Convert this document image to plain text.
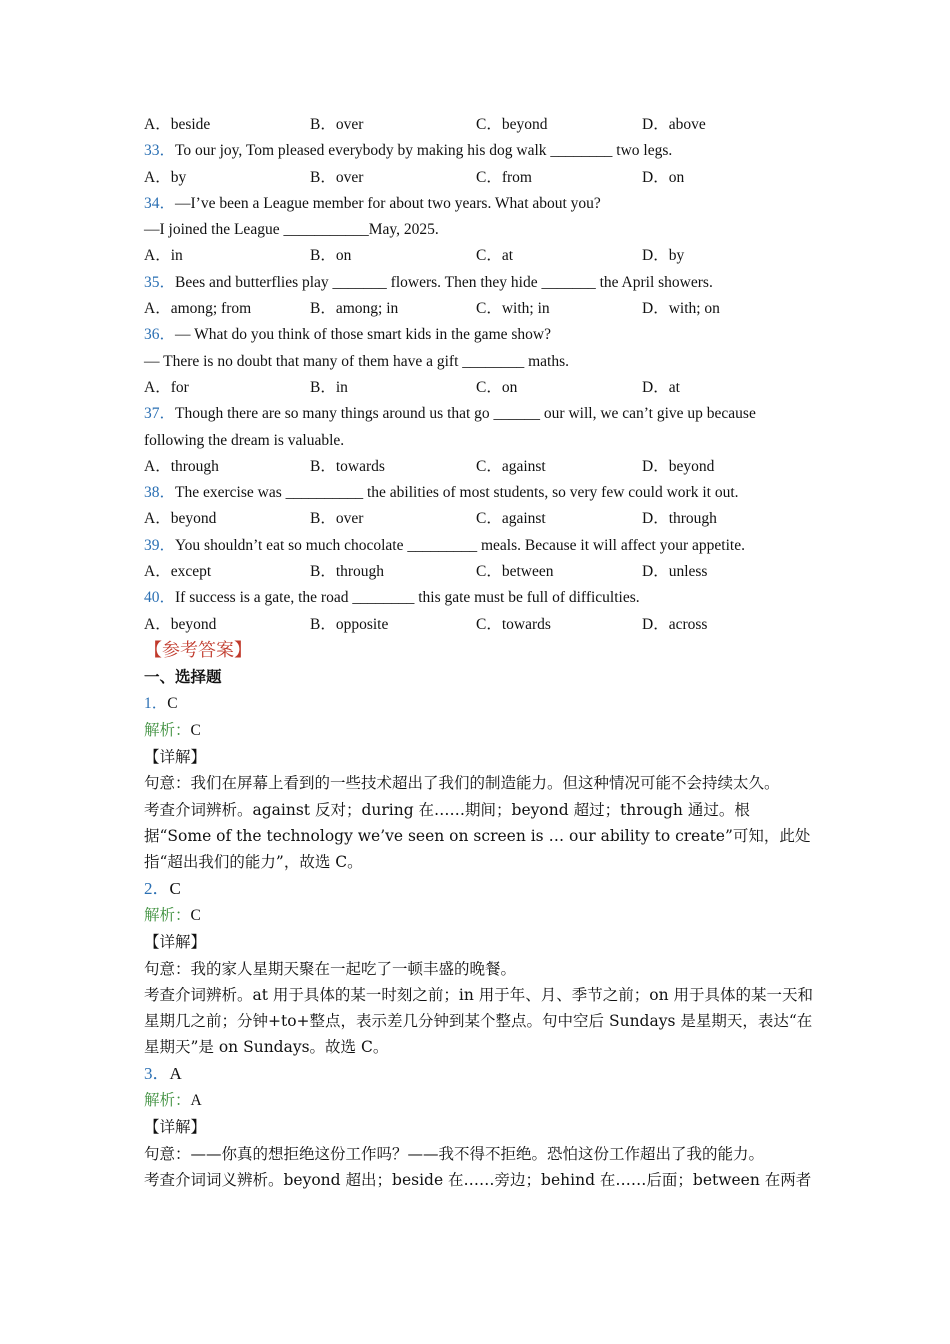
A．beside	B．over	C．beyond	D．above
33．To our joy, Tom pleased everybody by making his dog walk ________ two legs.
A．by	B．over	C．from	D．on
34．—I’ve been a League member for about two years. What about you?
—I joined the League ___________May, 2025.
A．in	B．on	C．at	D．by
35．Bees and butterflies play _______ flowers. Then they hide _______ the April showers.
A．among; from	B．among; in	C．with; in	D．with; on
36．— What do you think of those smart kids in the game show?
— There is no doubt that many of them have a gift ________ maths.
A．for	B．in	C．on	D．at
37．Though there are so many things around us that go ______ our will, we can’t give up because following the dream is valuable.
A．through	B．towards	C．against	D．beyond
38．The exercise was __________ the abilities of most students, so very few could work it out.
A．beyond	B．over	C．against	D．through
39．You shouldn’t eat so much chocolate _________ meals. Because it will affect your appetite.
A．except	B．through	C．between	D．unless
40．If success is a gate, the road ________ this gate must be full of difficulties.
A．beyond	B．opposite	C．towards	D．across
【参考答案】
一、选择题
1．C
解析：C
【详解】
句意：我们在屏幕上看到的一些技术超出了我们的制造能力。但这种情况可能不会持续太久。
考查介词辨析。against 反对；during 在……期间；beyond 超过；through 通过。根据“Some of the technology we’ve seen on screen is … our ability to create”可知，此处指“超出我们的能力”，故选 C。
2．C
解析：C
【详解】
句意：我的家人星期天聚在一起吃了一顿丰盛的晚餐。
考查介词辨析。at 用于具体的某一时刻之前；in 用于年、月、季节之前；on 用于具体的某一天和星期几之前；分钟+to+整点，表示差几分钟到某个整点。句中空后 Sundays 是星期天，表达“在星期天”是 on Sundays。故选 C。
3．A
解析：A
【详解】
句意：——你真的想拒绝这份工作吗？——我不得不拒绝。恐怕这份工作超出了我的能力。
考查介词词义辨析。beyond 超出；beside 在……旁边；behind 在……后面；between 在两者
